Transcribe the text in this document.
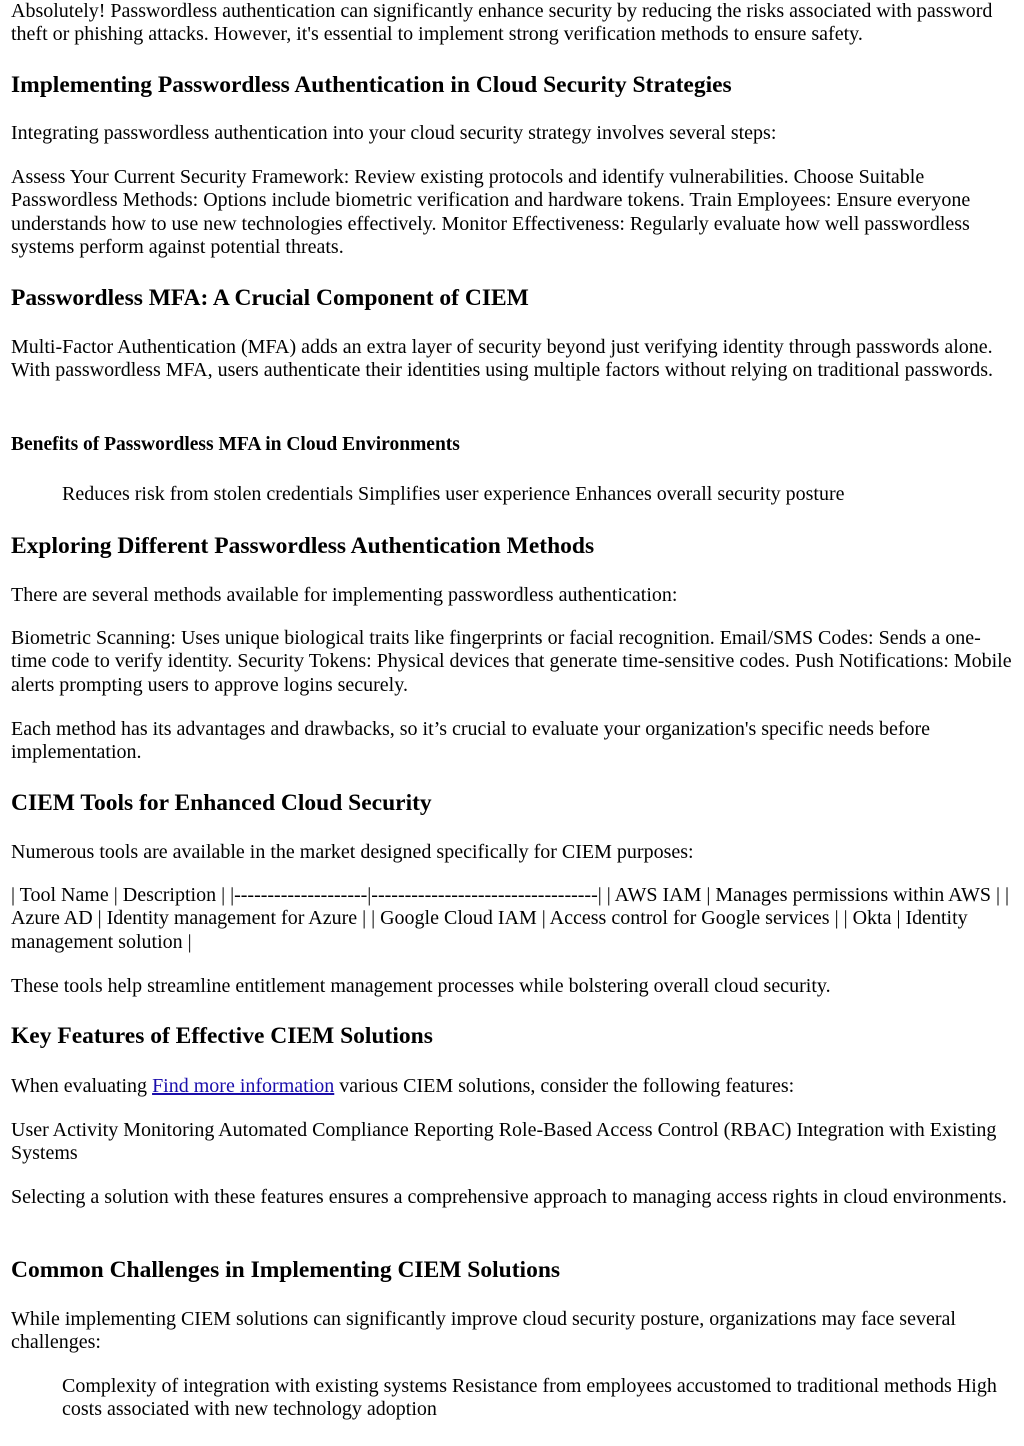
Absolutely! Passwordless authentication can significantly enhance security by reducing the risks associated with password theft or phishing attacks. However, it's essential to implement strong verification methods to ensure safety.

Implementing Passwordless Authentication in Cloud Security Strategies

Integrating passwordless authentication into your cloud security strategy involves several steps:

Assess Your Current Security Framework: Review existing protocols and identify vulnerabilities. Choose Suitable Passwordless Methods: Options include biometric verification and hardware tokens. Train Employees: Ensure everyone understands how to use new technologies effectively. Monitor Effectiveness: Regularly evaluate how well passwordless systems perform against potential threats.

Passwordless MFA: A Crucial Component of CIEM

Multi-Factor Authentication (MFA) adds an extra layer of security beyond just verifying identity through passwords alone. With passwordless MFA, users authenticate their identities using multiple factors without relying on traditional passwords.

Benefits of Passwordless MFA in Cloud Environments

Reduces risk from stolen credentials Simplifies user experience Enhances overall security posture

Exploring Different Passwordless Authentication Methods

There are several methods available for implementing passwordless authentication:

Biometric Scanning: Uses unique biological traits like fingerprints or facial recognition. Email/SMS Codes: Sends a one-time code to verify identity. Security Tokens: Physical devices that generate time-sensitive codes. Push Notifications: Mobile alerts prompting users to approve logins securely.

Each method has its advantages and drawbacks, so it’s crucial to evaluate your organization's specific needs before implementation.

CIEM Tools for Enhanced Cloud Security

Numerous tools are available in the market designed specifically for CIEM purposes:

| Tool Name | Description | |--------------------|----------------------------------| | AWS IAM | Manages permissions within AWS | | Azure AD | Identity management for Azure | | Google Cloud IAM | Access control for Google services | | Okta | Identity management solution |

These tools help streamline entitlement management processes while bolstering overall cloud security.

Key Features of Effective CIEM Solutions

When evaluating Find more information various CIEM solutions, consider the following features:

User Activity Monitoring Automated Compliance Reporting Role-Based Access Control (RBAC) Integration with Existing Systems

Selecting a solution with these features ensures a comprehensive approach to managing access rights in cloud environments.

Common Challenges in Implementing CIEM Solutions

While implementing CIEM solutions can significantly improve cloud security posture, organizations may face several challenges:

Complexity of integration with existing systems Resistance from employees accustomed to traditional methods High costs associated with new technology adoption
